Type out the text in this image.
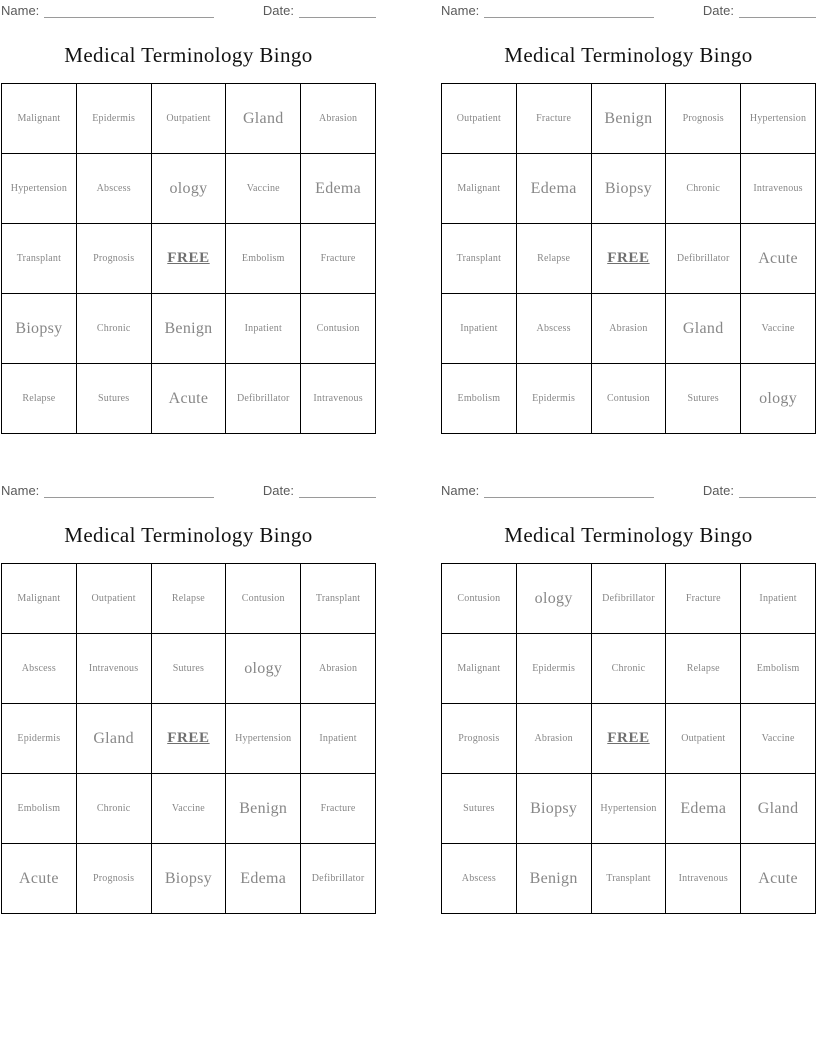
Name:	Date:
Medical Terminology Bingo
Malignant	Epidermis	Outpatient	Gland	Abrasion
Hypertension	Abscess	ology	Vaccine	Edema
Transplant	Prognosis	FREE	Embolism	Fracture
Biopsy	Chronic	Benign	Inpatient	Contusion
Relapse	Sutures	Acute	Defibrillator	Intravenous
Name:	Date:
Medical Terminology Bingo
Outpatient	Fracture	Benign	Prognosis	Hypertension
Malignant	Edema	Biopsy	Chronic	Intravenous
Transplant	Relapse	FREE	Defibrillator	Acute
Inpatient	Abscess	Abrasion	Gland	Vaccine
Embolism	Epidermis	Contusion	Sutures	ology
Name:	Date:
Medical Terminology Bingo
Malignant	Outpatient	Relapse	Contusion	Transplant
Abscess	Intravenous	Sutures	ology	Abrasion
Epidermis	Gland	FREE	Hypertension	Inpatient
Embolism	Chronic	Vaccine	Benign	Fracture
Acute	Prognosis	Biopsy	Edema	Defibrillator
Name:	Date:
Medical Terminology Bingo
Contusion	ology	Defibrillator	Fracture	Inpatient
Malignant	Epidermis	Chronic	Relapse	Embolism
Prognosis	Abrasion	FREE	Outpatient	Vaccine
Sutures	Biopsy	Hypertension	Edema	Gland
Abscess	Benign	Transplant	Intravenous	Acute
